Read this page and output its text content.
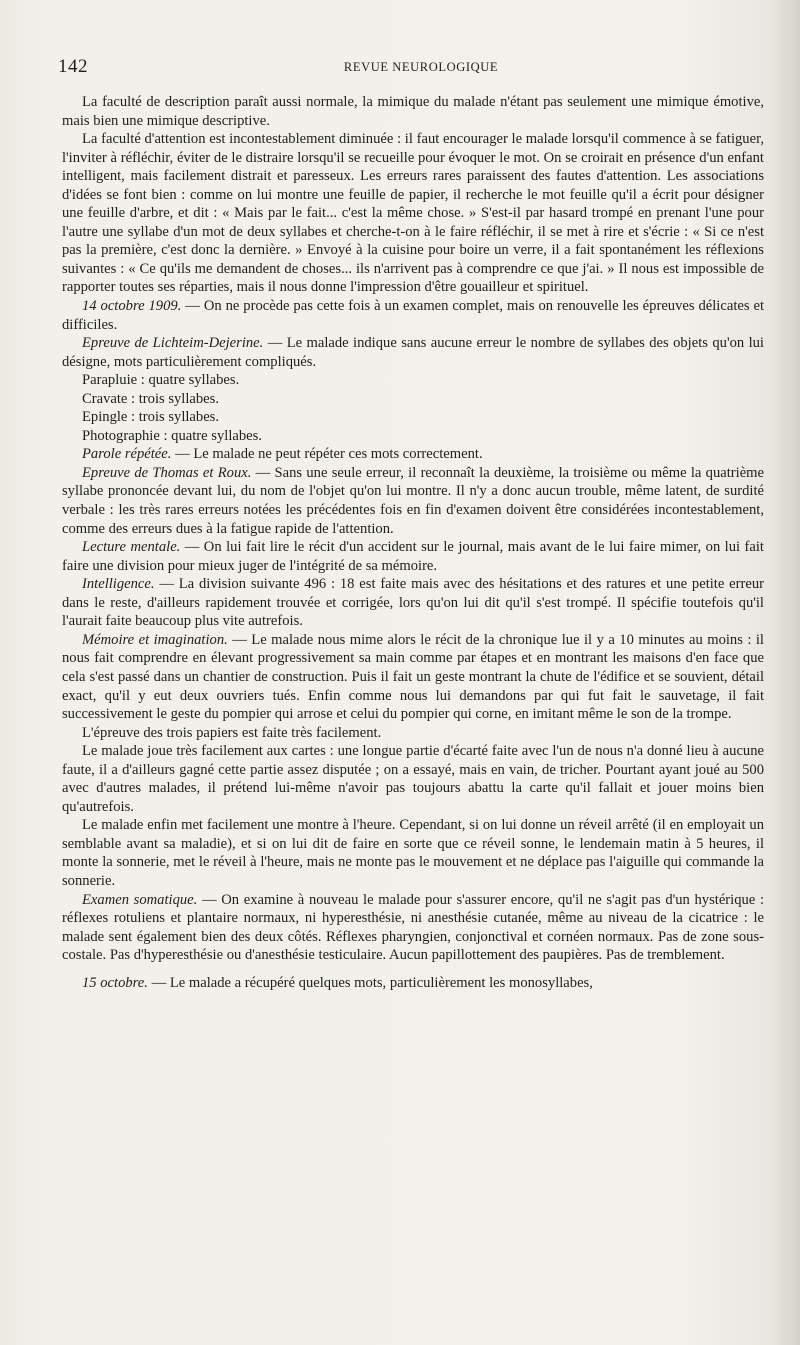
142	REVUE NEUROLOGIQUE

La faculté de description paraît aussi normale, la mimique du malade n'étant pas seulement une mimique émotive, mais bien une mimique descriptive.

La faculté d'attention est incontestablement diminuée : il faut encourager le malade lorsqu'il commence à se fatiguer, l'inviter à réfléchir, éviter de le distraire lorsqu'il se recueille pour évoquer le mot. On se croirait en présence d'un enfant intelligent, mais facilement distrait et paresseux. Les erreurs rares paraissent des fautes d'attention. Les associations d'idées se font bien : comme on lui montre une feuille de papier, il recherche le mot feuille qu'il a écrit pour désigner une feuille d'arbre, et dit : « Mais par le fait... c'est la même chose. » S'est-il par hasard trompé en prenant l'une pour l'autre une syllabe d'un mot de deux syllabes et cherche-t-on à le faire réfléchir, il se met à rire et s'écrie : « Si ce n'est pas la première, c'est donc la dernière. » Envoyé à la cuisine pour boire un verre, il a fait spontanément les réflexions suivantes : « Ce qu'ils me demandent de choses... ils n'arrivent pas à comprendre ce que j'ai. » Il nous est impossible de rapporter toutes ses réparties, mais il nous donne l'impression d'être gouailleur et spirituel.

14 octobre 1909. — On ne procède pas cette fois à un examen complet, mais on renouvelle les épreuves délicates et difficiles.

Epreuve de Lichteim-Dejerine. — Le malade indique sans aucune erreur le nombre de syllabes des objets qu'on lui désigne, mots particulièrement compliqués.

Parapluie : quatre syllabes.

Cravate : trois syllabes.

Epingle : trois syllabes.

Photographie : quatre syllabes.

Parole répétée. — Le malade ne peut répéter ces mots correctement.

Epreuve de Thomas et Roux. — Sans une seule erreur, il reconnaît la deuxième, la troisième ou même la quatrième syllabe prononcée devant lui, du nom de l'objet qu'on lui montre. Il n'y a donc aucun trouble, même latent, de surdité verbale : les très rares erreurs notées les précédentes fois en fin d'examen doivent être considérées incontestablement, comme des erreurs dues à la fatigue rapide de l'attention.

Lecture mentale. — On lui fait lire le récit d'un accident sur le journal, mais avant de le lui faire mimer, on lui fait faire une division pour mieux juger de l'intégrité de sa mémoire.

Intelligence. — La division suivante 496 : 18 est faite mais avec des hésitations et des ratures et une petite erreur dans le reste, d'ailleurs rapidement trouvée et corrigée, lors qu'on lui dit qu'il s'est trompé. Il spécifie toutefois qu'il l'aurait faite beaucoup plus vite autrefois.

Mémoire et imagination. — Le malade nous mime alors le récit de la chronique lue il y a 10 minutes au moins : il nous fait comprendre en élevant progressivement sa main comme par étapes et en montrant les maisons d'en face que cela s'est passé dans un chantier de construction. Puis il fait un geste montrant la chute de l'édifice et se souvient, détail exact, qu'il y eut deux ouvriers tués. Enfin comme nous lui demandons par qui fut fait le sauvetage, il fait successivement le geste du pompier qui arrose et celui du pompier qui corne, en imitant même le son de la trompe.

L'épreuve des trois papiers est faite très facilement.

Le malade joue très facilement aux cartes : une longue partie d'écarté faite avec l'un de nous n'a donné lieu à aucune faute, il a d'ailleurs gagné cette partie assez disputée ; on a essayé, mais en vain, de tricher. Pourtant ayant joué au 500 avec d'autres malades, il prétend lui-même n'avoir pas toujours abattu la carte qu'il fallait et jouer moins bien qu'autrefois.

Le malade enfin met facilement une montre à l'heure. Cependant, si on lui donne un réveil arrêté (il en employait un semblable avant sa maladie), et si on lui dit de faire en sorte que ce réveil sonne, le lendemain matin à 5 heures, il monte la sonnerie, met le réveil à l'heure, mais ne monte pas le mouvement et ne déplace pas l'aiguille qui commande la sonnerie.

Examen somatique. — On examine à nouveau le malade pour s'assurer encore, qu'il ne s'agit pas d'un hystérique : réflexes rotuliens et plantaire normaux, ni hyperesthésie, ni anesthésie cutanée, même au niveau de la cicatrice : le malade sent également bien des deux côtés. Réflexes pharyngien, conjonctival et cornéen normaux. Pas de zone sous-costale. Pas d'hyperesthésie ou d'anesthésie testiculaire. Aucun papillottement des paupières. Pas de tremblement.

15 octobre. — Le malade a récupéré quelques mots, particulièrement les monosyllabes,
